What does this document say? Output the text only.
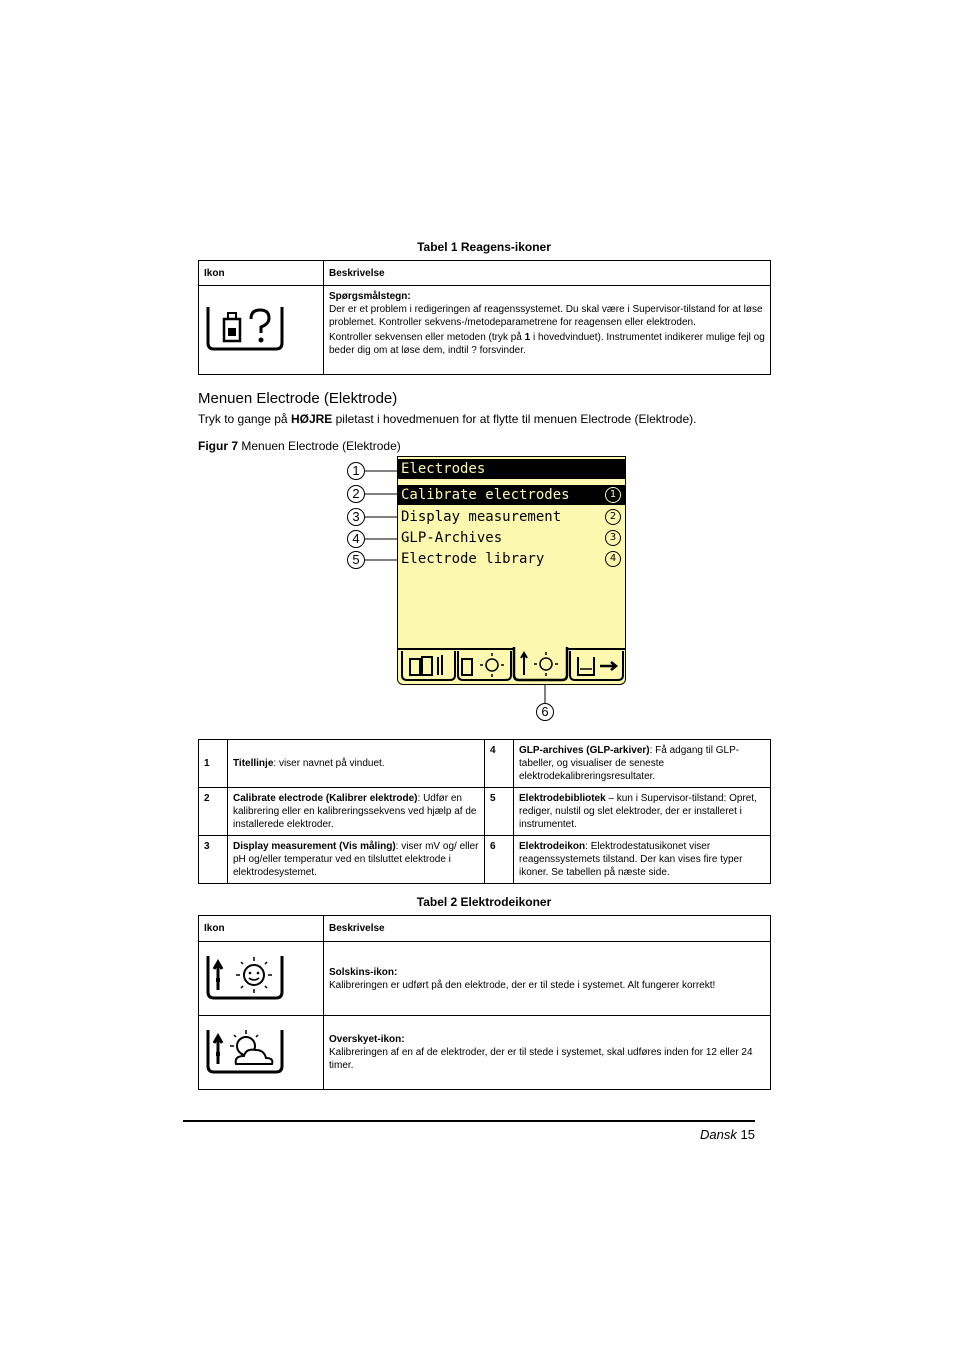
Tabel 1 Reagens-ikoner
Ikon	Beskrivelse

Spørgsmålstegn:
Der er et problem i redigeringen af reagenssystemet. Du skal være i Supervisor-tilstand for at løse problemet. Kontroller sekvens-/metodeparametrene for reagensen eller elektroden.
Kontroller sekvensen eller metoden (tryk på 1 i hovedvinduet). Instrumentet indikerer mulige fejl og beder dig om at løse dem, indtil ? forsvinder.
Menuen Electrode (Elektrode)
Tryk to gange på HØJRE piletast i hovedmenuen for at flytte til menuen Electrode (Elektrode).
Figur 7 Menuen Electrode (Elektrode)
Electrodes
Calibrate electrodes	1
Display measurement	2
GLP-Archives	3
Electrode library	4
1
2
3
4
5
6
1	Titellinje: viser navnet på vinduet.	4	GLP-archives (GLP-arkiver): Få adgang til GLP-tabeller, og visualiser de seneste elektrodekalibreringsresultater.
2	Calibrate electrode (Kalibrer elektrode): Udfør en kalibrering eller en kalibreringssekvens ved hjælp af de installerede elektroder.	5	Elektrodebibliotek – kun i Supervisor-tilstand: Opret, rediger, nulstil og slet elektroder, der er installeret i instrumentet.
3	Display measurement (Vis måling): viser mV og/ eller pH og/eller temperatur ved en tilsluttet elektrode i elektrodesystemet.	6	Elektrodeikon: Elektrodestatusikonet viser reagenssystemets tilstand. Der kan vises fire typer ikoner. Se tabellen på næste side.
Tabel 2 Elektrodeikoner
Ikon	Beskrivelse

Solskins-ikon:
Kalibreringen er udført på den elektrode, der er til stede i systemet. Alt fungerer korrekt!

Overskyet-ikon:
Kalibreringen af en af de elektroder, der er til stede i systemet, skal udføres inden for 12 eller 24 timer.
Dansk 15
